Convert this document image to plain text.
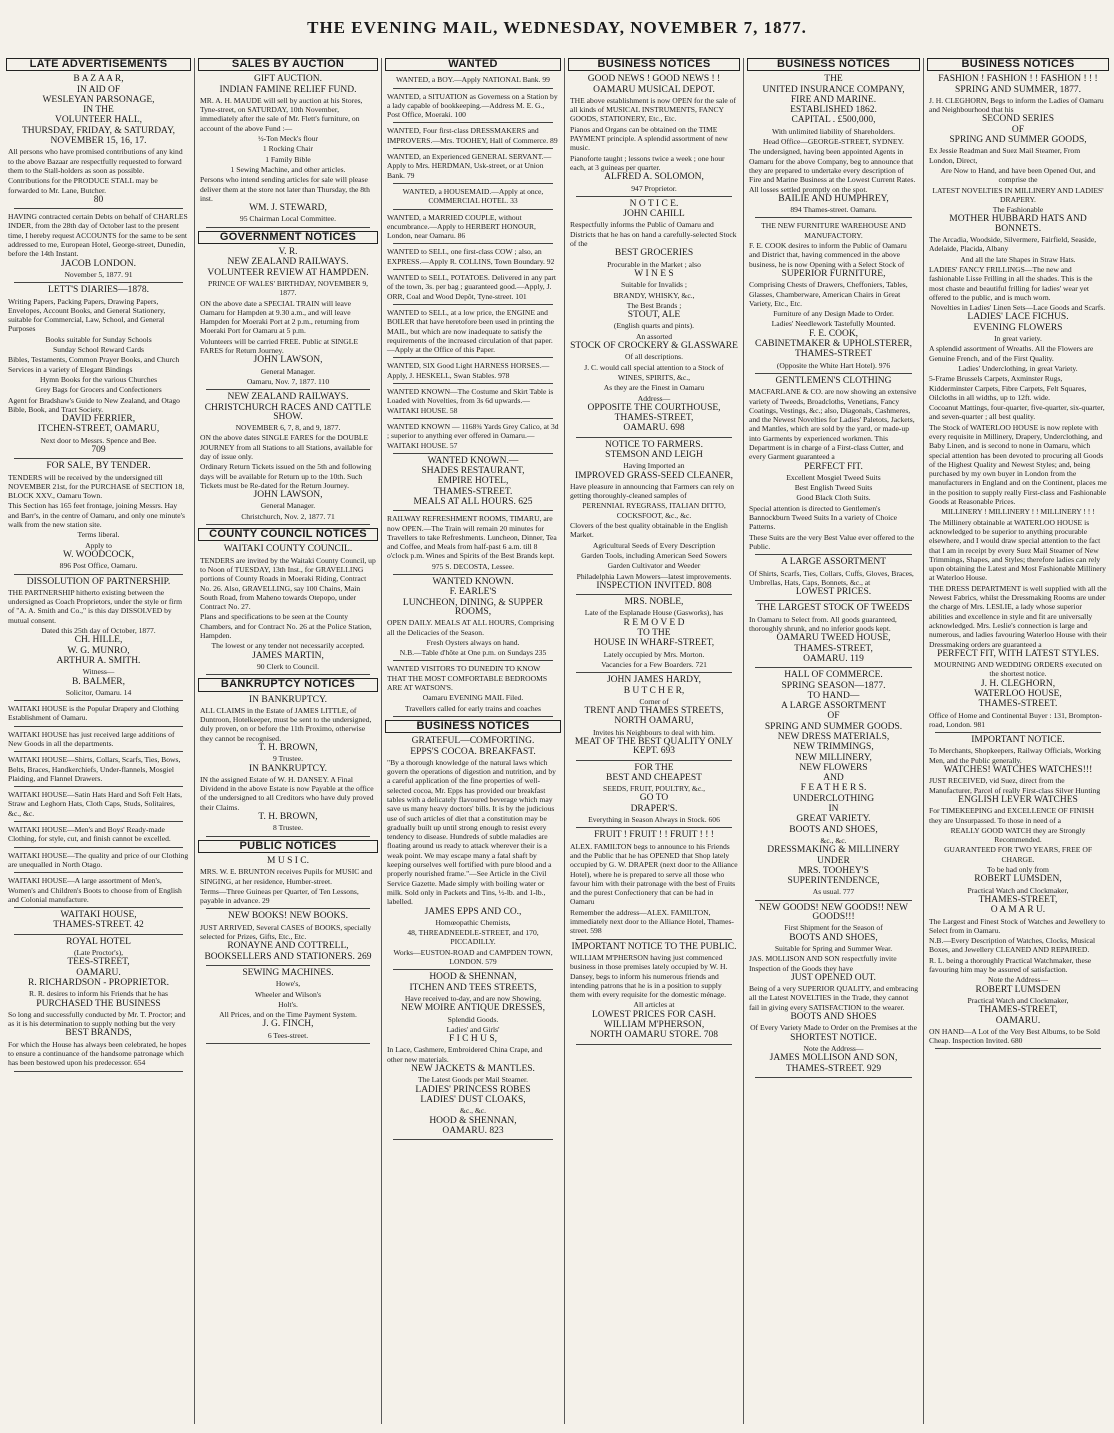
THE EVENING MAIL, WEDNESDAY, NOVEMBER 7, 1877.
LATE ADVERTISEMENTS

B A Z A A R,

IN AID OF

WESLEYAN PARSONAGE,

IN THE

VOLUNTEER HALL,

THURSDAY, FRIDAY, & SATURDAY,

NOVEMBER 15, 16, 17.

All persons who have promised contributions of any kind to the above Bazaar are respectfully requested to forward them to the Stall-holders as soon as possible.

Contributions for the PRODUCE STALL may be forwarded to Mr. Lane, Butcher.

80

HAVING contracted certain Debts on behalf of CHARLES INDER, from the 28th day of October last to the present time, I hereby request ACCOUNTS for the same to be sent addressed to me, European Hotel, George-street, Dunedin, before the 14th Instant.

JACOB LONDON.

November 5, 1877. 91

LETT'S DIARIES—1878.

Writing Papers, Packing Papers, Drawing Papers, Envelopes, Account Books, and General Stationery, suitable for Commercial, Law, School, and General Purposes

Books suitable for Sunday Schools

Sunday School Reward Cards

Bibles, Testaments, Common Prayer Books, and Church Services in a variety of Elegant Bindings

Hymn Books for the various Churches

Grey Bags for Grocers and Confectioners

Agent for Bradshaw's Guide to New Zealand, and Otago Bible, Book, and Tract Society.

DAVID FERRIER,

ITCHEN-STREET, OAMARU,

Next door to Messrs. Spence and Bee.

709

FOR SALE, BY TENDER.

TENDERS will be received by the undersigned till NOVEMBER 21st, for the PURCHASE of SECTION 18, BLOCK XXV., Oamaru Town.

This Section has 165 feet frontage, joining Messrs. Hay and Barr's, in the centre of Oamaru, and only one minute's walk from the new station site.

Terms liberal.

Apply to

W. WOODCOCK,

896 Post Office, Oamaru.

DISSOLUTION OF PARTNERSHIP.

THE PARTNERSHIP hitherto existing between the undersigned as Coach Proprietors, under the style or firm of "A. A. Smith and Co.," is this day DISSOLVED by mutual consent.

Dated this 25th day of October, 1877.

CH. HILLE,

W. G. MUNRO,

ARTHUR A. SMITH.

Witness—

B. BALMER,

Solicitor, Oamaru. 14

WAITAKI HOUSE is the Popular Drapery and Clothing Establishment of Oamaru.

WAITAKI HOUSE has just received large additions of New Goods in all the departments.

WAITAKI HOUSE—Shirts, Collars, Scarfs, Ties, Bows, Belts, Braces, Handkerchiefs, Under-flannels, Mosgiel Plaiding, and Flannel Drawers.

WAITAKI HOUSE—Satin Hats Hard and Soft Felt Hats, Straw and Leghorn Hats, Cloth Caps, Studs, Solitaires, &c., &c.

WAITAKI HOUSE—Men's and Boys' Ready-made Clothing, for style, cut, and finish cannot be excelled.

WAITAKI HOUSE—The quality and price of our Clothing are unequalled in North Otago.

WAITAKI HOUSE—A large assortment of Men's, Women's and Children's Boots to choose from of English and Colonial manufacture.

WAITAKI HOUSE,

THAMES-STREET. 42

ROYAL HOTEL

(Late Proctor's),

TEES-STREET,

OAMARU.

R. RICHARDSON - PROPRIETOR.

R. R. desires to inform his Friends that he has

PURCHASED THE BUSINESS

So long and successfully conducted by Mr. T. Proctor; and as it is his determination to supply nothing but the very

BEST BRANDS,

For which the House has always been celebrated, he hopes to ensure a continuance of the handsome patronage which has been bestowed upon his predecessor. 654

SALES BY AUCTION

GIFT AUCTION.

INDIAN FAMINE RELIEF FUND.

MR. A. H. MAUDE will sell by auction at his Stores, Tyne-street, on SATURDAY, 10th November, immediately after the sale of Mr. Flett's furniture, on account of the above Fund :—

½-Ton Meck's flour

1 Rocking Chair

1 Family Bible

1 Sewing Machine, and other articles.

Persons who intend sending articles for sale will please deliver them at the store not later than Thursday, the 8th inst.

WM. J. STEWARD,

95 Chairman Local Committee.

GOVERNMENT NOTICES

V. R.

NEW ZEALAND RAILWAYS.

VOLUNTEER REVIEW AT HAMPDEN.

PRINCE OF WALES' BIRTHDAY, NOVEMBER 9, 1877.

ON the above date a SPECIAL TRAIN will leave Oamaru for Hampden at 9.30 a.m., and will leave Hampden for Moeraki Port at 2 p.m., returning from Moeraki Port for Oamaru at 5 p.m.

Volunteers will be carried FREE. Public at SINGLE FARES for Return Journey.

JOHN LAWSON,

General Manager.

Oamaru, Nov. 7, 1877. 110

NEW ZEALAND RAILWAYS.

CHRISTCHURCH RACES AND CATTLE SHOW.

NOVEMBER 6, 7, 8, and 9, 1877.

ON the above dates SINGLE FARES for the DOUBLE JOURNEY from all Stations to all Stations, available for day of issue only.

Ordinary Return Tickets issued on the 5th and following days will be available for Return up to the 10th. Such Tickets must be Re-dated for the Return Journey.

JOHN LAWSON,

General Manager.

Christchurch, Nov. 2, 1877. 71

COUNTY COUNCIL NOTICES

WAITAKI COUNTY COUNCIL.

TENDERS are invited by the Waitaki County Council, up to Noon of TUESDAY, 13th Inst., for GRAVELLING portions of County Roads in Moeraki Riding, Contract No. 26. Also, GRAVELLING, say 100 Chains, Main South Road, from Maheno towards Otepopo, under Contract No. 27.

Plans and specifications to be seen at the County Chambers, and for Contract No. 26 at the Police Station, Hampden.

The lowest or any tender not necessarily accepted.

JAMES MARTIN,

90 Clerk to Council.

BANKRUPTCY NOTICES

IN BANKRUPTCY.

ALL CLAIMS in the Estate of JAMES LITTLE, of Duntroon, Hotelkeeper, must be sent to the undersigned, duly proven, on or before the 11th Proximo, otherwise they cannot be recognised.

T. H. BROWN,

9 Trustee.

IN BANKRUPTCY.

IN the assigned Estate of W. H. DANSEY. A Final Dividend in the above Estate is now Payable at the office of the undersigned to all Creditors who have duly proved their Claims.

T. H. BROWN,

8 Trustee.

PUBLIC NOTICES

M U S I C.

MRS. W. E. BRUNTON receives Pupils for MUSIC and SINGING, at her residence, Humber-street.

Terms—Three Guineas per Quarter, of Ten Lessons, payable in advance. 29

NEW BOOKS! NEW BOOKS.

JUST ARRIVED, Several CASES of BOOKS, specially selected for Prizes, Gifts, Etc., Etc.

RONAYNE AND COTTRELL,

BOOKSELLERS AND STATIONERS. 269

SEWING MACHINES.

Howe's,

Wheeler and Wilson's

Holt's.

All Prices, and on the Time Payment System.

J. G. FINCH,

6 Tees-street.

WANTED

WANTED, a BOY.—Apply NATIONAL Bank. 99

WANTED, a SITUATION as Governess on a Station by a lady capable of bookkeeping.—Address M. E. G., Post Office, Moeraki. 100

WANTED, Four first-class DRESSMAKERS and IMPROVERS.—Mrs. TOOHEY, Hall of Commerce. 89

WANTED, an Experienced GENERAL SERVANT.—Apply to Mrs. HERDMAN, Usk-street, or at Union Bank. 79

WANTED, a HOUSEMAID.—Apply at once, COMMERCIAL HOTEL. 33

WANTED, a MARRIED COUPLE, without encumbrance.—Apply to HERBERT HONOUR, London, near Oamaru. 86

WANTED to SELL, one first-class COW ; also, an EXPRESS.—Apply R. COLLINS, Town Boundary. 92

WANTED to SELL, POTATOES. Delivered in any part of the town, 3s. per bag ; guaranteed good.—Apply, J. ORR, Coal and Wood Depôt, Tyne-street. 101

WANTED to SELL, at a low price, the ENGINE and BOILER that have heretofore been used in printing the MAIL, but which are now inadequate to satisfy the requirements of the increased circulation of that paper.—Apply at the Office of this Paper.

WANTED, SIX Good Light HARNESS HORSES.—Apply, J. HESKELL, Swan Stables. 978

WANTED KNOWN—The Costume and Skirt Table is Loaded with Novelties, from 3s 6d upwards.—WAITAKI HOUSE. 58

WANTED KNOWN — 1168¾ Yards Grey Calico, at 3d ; superior to anything ever offered in Oamaru.—WAITAKI HOUSE. 57

WANTED KNOWN.—

SHADES RESTAURANT,

EMPIRE HOTEL,

THAMES-STREET.

MEALS AT ALL HOURS. 625

RAILWAY REFRESHMENT ROOMS, TIMARU, are now OPEN.—The Train will remain 20 minutes for Travellers to take Refreshments. Luncheon, Dinner, Tea and Coffee, and Meals from half-past 6 a.m. till 8 o'clock p.m. Wines and Spirits of the Best Brands kept.

975 S. DECOSTA, Lessee.

WANTED KNOWN.

F. EARLE'S

LUNCHEON, DINING, & SUPPER ROOMS,

OPEN DAILY. MEALS AT ALL HOURS, Comprising all the Delicacies of the Season.

Fresh Oysters always on hand.

N.B.—Table d'hôte at One p.m. on Sundays 235

WANTED VISITORS TO DUNEDIN TO KNOW THAT THE MOST COMFORTABLE BEDROOMS ARE AT WATSON'S.

Oamaru EVENING MAIL Filed.

Travellers called for early trains and coaches

BUSINESS NOTICES

GRATEFUL—COMFORTING.

EPPS'S COCOA. BREAKFAST.

"By a thorough knowledge of the natural laws which govern the operations of digestion and nutrition, and by a careful application of the fine properties of well-selected cocoa, Mr. Epps has provided our breakfast tables with a delicately flavoured beverage which may save us many heavy doctors' bills. It is by the judicious use of such articles of diet that a constitution may be gradually built up until strong enough to resist every tendency to disease. Hundreds of subtle maladies are floating around us ready to attack wherever their is a weak point. We may escape many a fatal shaft by keeping ourselves well fortified with pure blood and a properly nourished frame."—See Article in the Civil Service Gazette. Made simply with boiling water or milk. Sold only in Packets and Tins, ½-lb. and 1-lb., labelled.

JAMES EPPS AND CO.,

Homœopathic Chemists,

48, THREADNEEDLE-STREET, and 170, PICCADILLY.

Works—EUSTON-ROAD and CAMPDEN TOWN, LONDON. 579

HOOD & SHENNAN,

ITCHEN AND TEES STREETS,

Have received to-day, and are now Showing,

NEW MOIRE ANTIQUE DRESSES,

Splendid Goods.

Ladies' and Girls'

F I C H U S,

In Lace, Cashmere, Embroidered China Crape, and other new materials.

NEW JACKETS & MANTLES.

The Latest Goods per Mail Steamer.

LADIES' PRINCESS ROBES

LADIES' DUST CLOAKS,

&c., &c.

HOOD & SHENNAN,

OAMARU. 823

BUSINESS NOTICES

GOOD NEWS ! GOOD NEWS ! !

OAMARU MUSICAL DEPOT.

THE above establishment is now OPEN for the sale of all kinds of MUSICAL INSTRUMENTS, FANCY GOODS, STATIONERY, Etc., Etc.

Pianos and Organs can be obtained on the TIME PAYMENT principle. A splendid assortment of new music.

Pianoforte taught ; lessons twice a week ; one hour each, at 3 guineas per quarter.

ALFRED A. SOLOMON,

947 Proprietor.

N O T I C E.

JOHN CAHILL

Respectfully informs the Public of Oamaru and Districts that he has on hand a carefully-selected Stock of the

BEST GROCERIES

Procurable in the Market ; also

W I N E S

Suitable for Invalids ;

BRANDY, WHISKY, &c.,

The Best Brands ;

STOUT, ALE

(English quarts and pints).

An assorted

STOCK OF CROCKERY & GLASSWARE

Of all descriptions.

J. C. would call special attention to a Stock of

WINES, SPIRITS, &c.,

As they are the Finest in Oamaru

Address—

OPPOSITE THE COURTHOUSE,

THAMES-STREET,

OAMARU. 698

NOTICE TO FARMERS.

STEMSON AND LEIGH

Having Imported an

IMPROVED GRASS-SEED CLEANER,

Have pleasure in announcing that Farmers can rely on getting thoroughly-cleaned samples of

PERENNIAL RYEGRASS, ITALIAN DITTO, COCKSFOOT, &c., &c.

Clovers of the best quality obtainable in the English Market.

Agricultural Seeds of Every Description

Garden Tools, including American Seed Sowers

Garden Cultivator and Weeder

Philadelphia Lawn Mowers—latest improvements.

INSPECTION INVITED. 808

MRS. NOBLE,

Late of the Esplanade House (Gasworks), has

R E M O V E D

TO THE

HOUSE IN WHARF-STREET,

Lately occupied by Mrs. Morton.

Vacancies for a Few Boarders. 721

JOHN JAMES HARDY,

B U T C H E R,

Corner of

TRENT AND THAMES STREETS,

NORTH OAMARU,

Invites his Neighbours to deal with him.

MEAT OF THE BEST QUALITY ONLY KEPT. 693

FOR THE

BEST AND CHEAPEST

SEEDS, FRUIT, POULTRY, &c.,

GO TO

DRAPER'S.

Everything in Season Always in Stock. 606

FRUIT ! FRUIT ! ! FRUIT ! ! !

ALEX. FAMILTON begs to announce to his Friends and the Public that he has OPENED that Shop lately occupied by G. W. DRAPER (next door to the Alliance Hotel), where he is prepared to serve all those who favour him with their patronage with the best of Fruits and the purest Confectionery that can be had in Oamaru

Remember the address—ALEX. FAMILTON, immediately next door to the Alliance Hotel, Thames-street. 598

IMPORTANT NOTICE TO THE PUBLIC.

WILLIAM M'PHERSON having just commenced business in those premises lately occupied by W. H. Dansey, begs to inform his numerous friends and intending patrons that he is in a position to supply them with every requisite for the domestic ménage.

All articles at

LOWEST PRICES FOR CASH.

WILLIAM M'PHERSON,

NORTH OAMARU STORE. 708

BUSINESS NOTICES

THE

UNITED INSURANCE COMPANY,

FIRE AND MARINE.

ESTABLISHED 1862.

CAPITAL . £500,000,

With unlimited liability of Shareholders.

Head Office—GEORGE-STREET, SYDNEY.

The undersigned, having been appointed Agents in Oamaru for the above Company, beg to announce that they are prepared to undertake every description of Fire and Marine Business at the Lowest Current Rates. All losses settled promptly on the spot.

BAILIE AND HUMPHREY,

894 Thames-street. Oamaru.

THE NEW FURNITURE WAREHOUSE AND MANUFACTORY.

F. E. COOK desires to inform the Public of Oamaru and District that, having commenced in the above business, he is now Opening with a Select Stock of

SUPERIOR FURNITURE,

Comprising Chests of Drawers, Cheffoniers, Tables, Glasses, Chamberware, American Chairs in Great Variety, Etc., Etc.

Furniture of any Design Made to Order.

Ladies' Needlework Tastefully Mounted.

F. E. COOK,

CABINETMAKER & UPHOLSTERER,

THAMES-STREET

(Opposite the White Hart Hotel). 976

GENTLEMEN'S CLOTHING

MACFARLANE & CO. are now showing an extensive variety of Tweeds, Broadcloths, Venetians, Fancy Coatings, Vestings, &c.; also, Diagonals, Cashmeres, and the Newest Novelties for Ladies' Paletots, Jackets, and Mantles, which are sold by the yard, or made-up into Garments by experienced workmen. This Department is in charge of a First-class Cutter, and every Garment guaranteed a

PERFECT FIT.

Excellent Mosgiel Tweed Suits

Best English Tweed Suits

Good Black Cloth Suits.

Special attention is directed to Gentlemen's Bannockburn Tweed Suits In a variety of Choice Patterns.

These Suits are the very Best Value ever offered to the Public.

A LARGE ASSORTMENT

Of Shirts, Scarfs, Ties, Collars, Cuffs, Gloves, Braces, Umbrellas, Hats, Caps, Bonnets, &c., at

LOWEST PRICES.

THE LARGEST STOCK OF TWEEDS

In Oamaru to Select from. All goods guaranteed, thoroughly shrunk, and no inferior goods kept.

OAMARU TWEED HOUSE,

THAMES-STREET,

OAMARU. 119

HALL OF COMMERCE.

SPRING SEASON—1877.

TO HAND—

A LARGE ASSORTMENT

OF

SPRING AND SUMMER GOODS.

NEW DRESS MATERIALS,

NEW TRIMMINGS,

NEW MILLINERY,

NEW FLOWERS

AND

F E A T H E R S.

UNDERCLOTHING

IN

GREAT VARIETY.

BOOTS AND SHOES,

&c., &c.

DRESSMAKING & MILLINERY

UNDER

MRS. TOOHEY'S

SUPERINTENDENCE,

As usual. 777

NEW GOODS! NEW GOODS!! NEW GOODS!!!

First Shipment for the Season of

BOOTS AND SHOES,

Suitable for Spring and Summer Wear.

JAS. MOLLISON AND SON respectfully invite Inspection of the Goods they have

JUST OPENED OUT.

Being of a very SUPERIOR QUALITY, and embracing all the Latest NOVELTIES in the Trade, they cannot fail in giving every SATISFACTION to the wearer.

BOOTS AND SHOES

Of Every Variety Made to Order on the Premises at the

SHORTEST NOTICE.

Note the Address—

JAMES MOLLISON AND SON,

THAMES-STREET. 929

BUSINESS NOTICES

FASHION ! FASHION ! ! FASHION ! ! !

SPRING AND SUMMER, 1877.

J. H. CLEGHORN, Begs to inform the Ladies of Oamaru and Neighbourhood that his

SECOND SERIES

OF

SPRING AND SUMMER GOODS,

Ex Jessie Readman and Suez Mail Steamer, From London, Direct,

Are Now to Hand, and have been Opened Out, and comprise the

LATEST NOVELTIES IN MILLINERY AND LADIES' DRAPERY.

The Fashionable

MOTHER HUBBARD HATS AND BONNETS.

The Arcadia, Woodside, Silvermere, Fairfield, Seaside, Adelaide, Placida, Albany

And all the late Shapes in Straw Hats.

LADIES' FANCY FRILLINGS—The new and fashionable Lisse Frilling in all the shades. This is the most chaste and beautiful frilling for ladies' wear yet offered to the public, and is much worn.

Novelties in Ladies' Linen Sets—Lace Goods and Scarfs.

LADIES' LACE FICHUS.

EVENING FLOWERS

In great variety.

A splendid assortment of Wreaths. All the Flowers are Genuine French, and of the First Quality.

Ladies' Underclothing, in great Variety.

5-Frame Brussels Carpets, Axminster Rugs, Kidderminster Carpets, Fibre Carpets, Felt Squares, Oilcloths in all widths, up to 12ft. wide.

Cocoanut Mattings, four-quarter, five-quarter, six-quarter, and seven-quarter ; all best quality.

The Stock of WATERLOO HOUSE is now replete with every requisite in Millinery, Drapery, Underclothing, and Baby Linen, and is second to none in Oamaru, which special attention has been devoted to procuring all Goods of the Highest Quality and Newest Styles; and, being purchased by my own buyer in London from the manufacturers in England and on the Continent, places me in the position to supply really First-class and Fashionable Goods at Reasonable Prices.

MILLINERY ! MILLINERY ! ! MILLINERY ! ! !

The Millinery obtainable at WATERLOO HOUSE is acknowledged to be superior to anything procurable elsewhere, and I would draw special attention to the fact that I am in receipt by every Suez Mail Steamer of New Trimmings, Shapes, and Styles; therefore ladies can rely upon obtaining the Latest and Most Fashionable Millinery at Waterloo House.

THE DRESS DEPARTMENT is well supplied with all the Newest Fabrics, whilst the Dressmaking Rooms are under the charge of Mrs. LESLIE, a lady whose superior abilities and excellence in style and fit are universally acknowledged. Mrs. Leslie's connection is large and numerous, and ladies favouring Waterloo House with their Dressmaking orders are guaranteed a

PERFECT FIT, WITH LATEST STYLES.

MOURNING AND WEDDING ORDERS executed on the shortest notice.

J. H. CLEGHORN,

WATERLOO HOUSE,

THAMES-STREET.

Office of Home and Continental Buyer : 131, Brompton-road, London. 981

IMPORTANT NOTICE.

To Merchants, Shopkeepers, Railway Officials, Working Men, and the Public generally.

WATCHES! WATCHES WATCHES!!!

JUST RECEIVED, vid Suez, direct from the Manufacturer, Parcel of really First-class Silver Hunting

ENGLISH LEVER WATCHES

For TIMEKEEPING and EXCELLENCE OF FINISH they are Unsurpassed. To those in need of a

REALLY GOOD WATCH they are Strongly Recommended.

GUARANTEED FOR TWO YEARS, FREE OF CHARGE.

To be had only from

ROBERT LUMSDEN,

Practical Watch and Clockmaker,

THAMES-STREET,

O A M A R U.

The Largest and Finest Stock of Watches and Jewellery to Select from in Oamaru.

N.B.—Every Description of Watches, Clocks, Musical Boxes, and Jewellery CLEANED AND REPAIRED.

R. L. being a thoroughly Practical Watchmaker, these favouring him may be assured of satisfaction.

Note the Address—

ROBERT LUMSDEN

Practical Watch and Clockmaker,

THAMES-STREET,

OAMARU.

ON HAND—A Lot of the Very Best Albums, to be Sold Cheap. Inspection Invited. 680
